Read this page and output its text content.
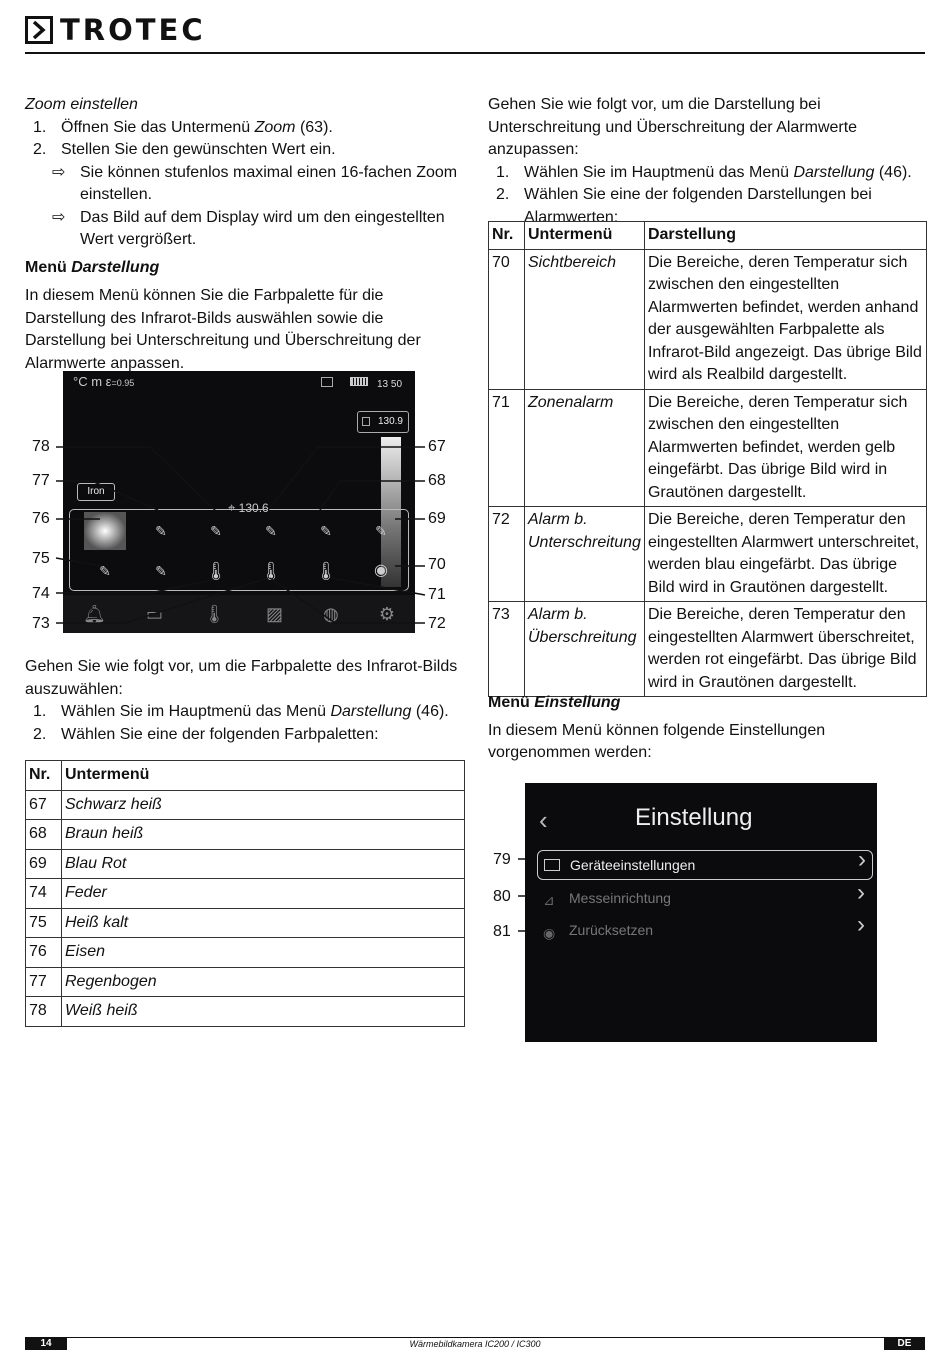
TROTEC
Zoom einstellen
1. Öffnen Sie das Untermenü Zoom (63).
2. Stellen Sie den gewünschten Wert ein.
⇨ Sie können stufenlos maximal einen 16-fachen Zoom einstellen.
⇨ Das Bild auf dem Display wird um den eingestellten Wert vergrößert.
Menü Darstellung
In diesem Menü können Sie die Farbpalette für die Darstellung des Infrarot-Bilds auswählen sowie die Darstellung bei Unterschreitung und Überschreitung der Alarmwerte anpassen.
°C m ε=0.95	13 50
130.9
Iron
⌖ 130.6
✎	✎	✎	✎	✎
✎	✎	🌡	🌡	🌡	◉
🔔︎ ▭ 🌡︎ ▨ ◍ ⚙
78
77
76
75
74
73
67
68
69
70
71
72
Gehen Sie wie folgt vor, um die Farbpalette des Infrarot-Bilds auszuwählen:
1. Wählen Sie im Hauptmenü das Menü Darstellung (46).
2. Wählen Sie eine der folgenden Farbpaletten:
Nr.	Untermenü
67	Schwarz heiß
68	Braun heiß
69	Blau Rot
74	Feder
75	Heiß kalt
76	Eisen
77	Regenbogen
78	Weiß heiß
Gehen Sie wie folgt vor, um die Darstellung bei Unterschreitung und Überschreitung der Alarmwerte anzupassen:
1. Wählen Sie im Hauptmenü das Menü Darstellung (46).
2. Wählen Sie eine der folgenden Darstellungen bei Alarmwerten:
Nr.	Untermenü	Darstellung
70	Sichtbereich	Die Bereiche, deren Temperatur sich zwischen den eingestellten Alarmwerten befindet, werden anhand der ausgewählten Farbpalette als Infrarot-Bild angezeigt. Das übrige Bild wird als Realbild dargestellt.
71	Zonenalarm	Die Bereiche, deren Temperatur sich zwischen den eingestellten Alarmwerten befindet, werden gelb eingefärbt. Das übrige Bild wird in Grautönen dargestellt.
72	Alarm b. Unterschreitung	Die Bereiche, deren Temperatur den eingestellten Alarmwert unterschreitet, werden blau eingefärbt. Das übrige Bild wird in Grautönen dargestellt.
73	Alarm b. Überschreitung	Die Bereiche, deren Temperatur den eingestellten Alarmwert überschreitet, werden rot eingefärbt. Das übrige Bild wird in Grautönen dargestellt.
Menü Einstellung
In diesem Menü können folgende Einstellungen vorgenommen werden:
‹	Einstellung
Geräteeinstellungen	›
⊿ Messeinrichtung	›
◉ Zurücksetzen	›
79
80
81
14	Wärmebildkamera IC200 / IC300	DE
